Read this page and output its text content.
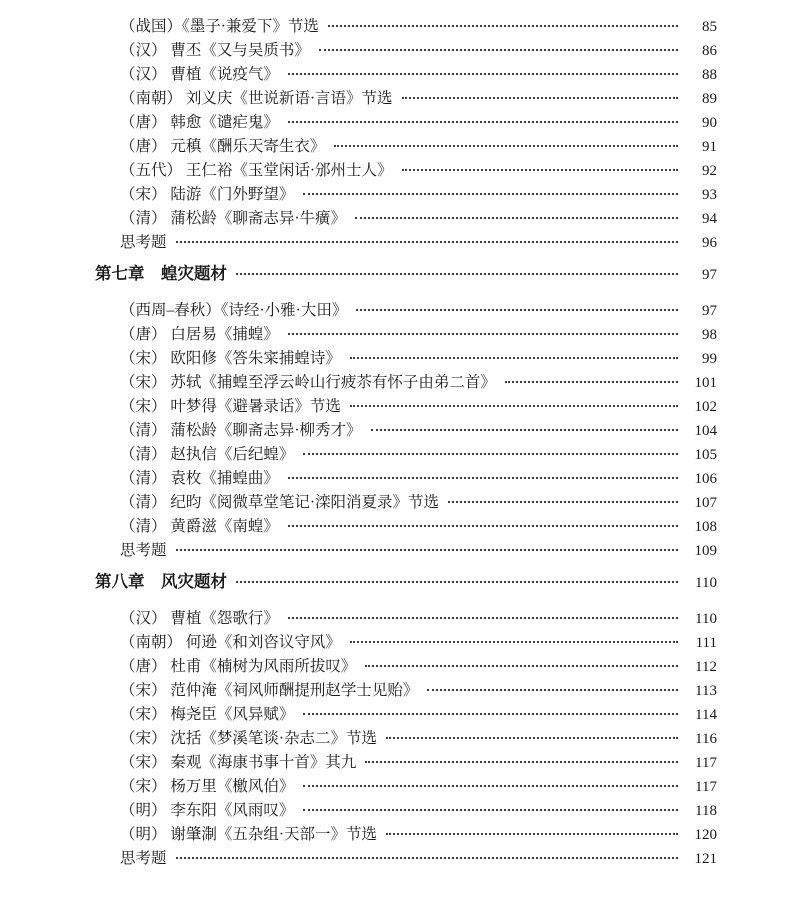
（战国）《墨子·兼爱下》节选	85
（汉） 曹丕《又与吴质书》	86
（汉） 曹植《说疫气》	88
（南朝） 刘义庆《世说新语·言语》节选	89
（唐） 韩愈《谴疟鬼》	90
（唐） 元稹《酬乐天寄生衣》	91
（五代） 王仁裕《玉堂闲话·邠州士人》	92
（宋） 陆游《门外野望》	93
（清） 蒲松龄《聊斋志异·牛癀》	94
思考题	96
第七章　蝗灾题材	97
（西周–春秋）《诗经·小雅·大田》	97
（唐） 白居易《捕蝗》	98
（宋） 欧阳修《答朱寀捕蝗诗》	99
（宋） 苏轼《捕蝗至浮云岭山行疲苶有怀子由弟二首》	101
（宋） 叶梦得《避暑录话》节选	102
（清） 蒲松龄《聊斋志异·柳秀才》	104
（清） 赵执信《后纪蝗》	105
（清） 袁枚《捕蝗曲》	106
（清） 纪昀《阅微草堂笔记·滦阳消夏录》节选	107
（清） 黄爵滋《南蝗》	108
思考题	109
第八章　风灾题材	110
（汉） 曹植《怨歌行》	110
（南朝） 何逊《和刘咨议守风》	111
（唐） 杜甫《楠树为风雨所拔叹》	112
（宋） 范仲淹《祠风师酬提刑赵学士见贻》	113
（宋） 梅尧臣《风异赋》	114
（宋） 沈括《梦溪笔谈·杂志二》节选	116
（宋） 秦观《海康书事十首》其九	117
（宋） 杨万里《檄风伯》	117
（明） 李东阳《风雨叹》	118
（明） 谢肇淛《五杂组·天部一》节选	120
思考题	121
